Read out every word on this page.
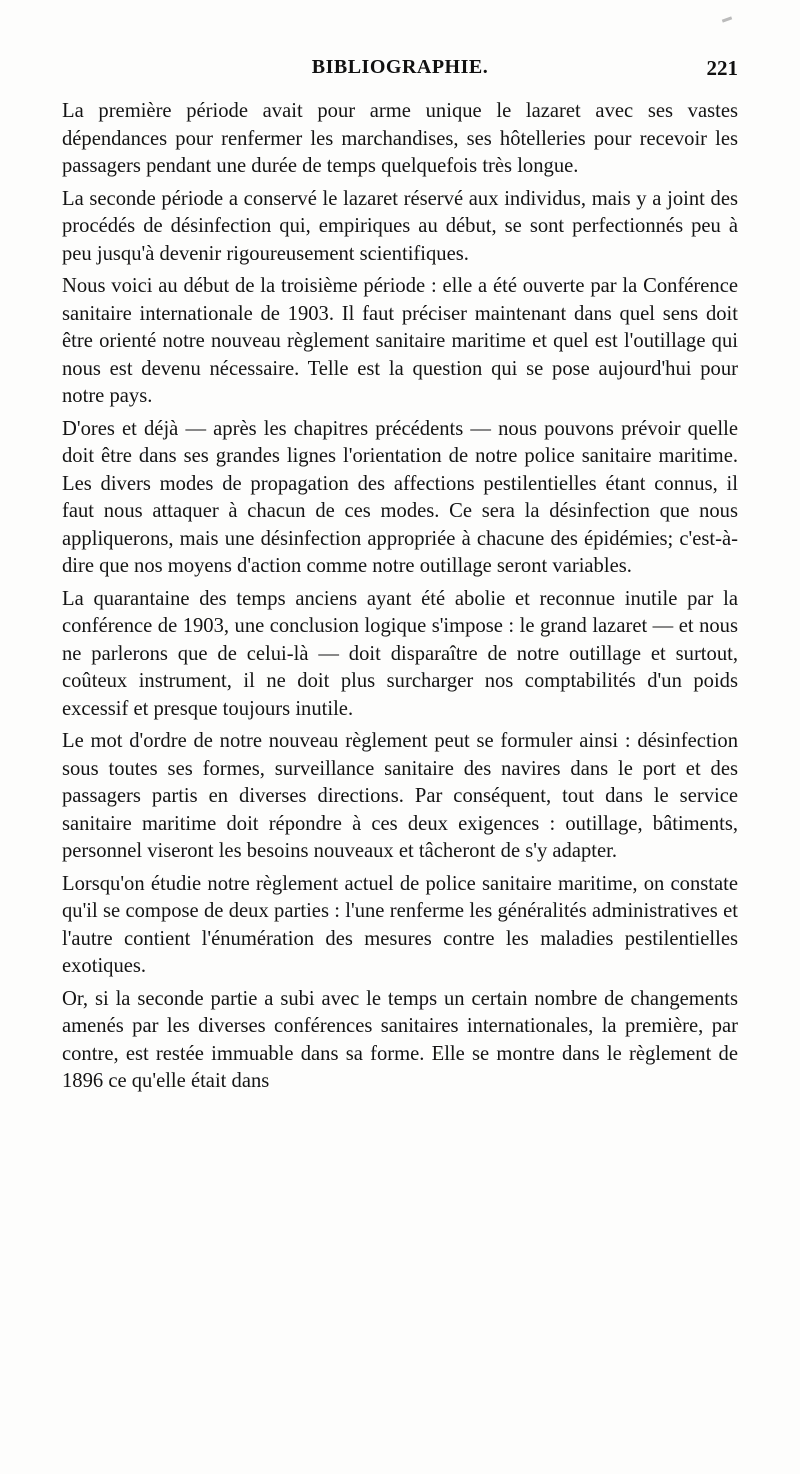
BIBLIOGRAPHIE.	221

La première période avait pour arme unique le lazaret avec ses vastes dépendances pour renfermer les marchandises, ses hôtelleries pour recevoir les passagers pendant une durée de temps quelquefois très longue.

La seconde période a conservé le lazaret réservé aux individus, mais y a joint des procédés de désinfection qui, empiriques au début, se sont perfectionnés peu à peu jusqu'à devenir rigoureusement scientifiques.

Nous voici au début de la troisième période : elle a été ouverte par la Conférence sanitaire internationale de 1903. Il faut préciser maintenant dans quel sens doit être orienté notre nouveau règlement sanitaire maritime et quel est l'outillage qui nous est devenu nécessaire. Telle est la question qui se pose aujourd'hui pour notre pays.

D'ores et déjà — après les chapitres précédents — nous pouvons prévoir quelle doit être dans ses grandes lignes l'orientation de notre police sanitaire maritime. Les divers modes de propagation des affections pestilentielles étant connus, il faut nous attaquer à chacun de ces modes. Ce sera la désinfection que nous appliquerons, mais une désinfection appropriée à chacune des épidémies; c'est-à-dire que nos moyens d'action comme notre outillage seront variables.

La quarantaine des temps anciens ayant été abolie et reconnue inutile par la conférence de 1903, une conclusion logique s'impose : le grand lazaret — et nous ne parlerons que de celui-là — doit disparaître de notre outillage et surtout, coûteux instrument, il ne doit plus surcharger nos comptabilités d'un poids excessif et presque toujours inutile.

Le mot d'ordre de notre nouveau règlement peut se formuler ainsi : désinfection sous toutes ses formes, surveillance sanitaire des navires dans le port et des passagers partis en diverses directions. Par conséquent, tout dans le service sanitaire maritime doit répondre à ces deux exigences : outillage, bâtiments, personnel viseront les besoins nouveaux et tâcheront de s'y adapter.

Lorsqu'on étudie notre règlement actuel de police sanitaire maritime, on constate qu'il se compose de deux parties : l'une renferme les généralités administratives et l'autre contient l'énumération des mesures contre les maladies pestilentielles exotiques.

Or, si la seconde partie a subi avec le temps un certain nombre de changements amenés par les diverses conférences sanitaires internationales, la première, par contre, est restée immuable dans sa forme. Elle se montre dans le règlement de 1896 ce qu'elle était dans
